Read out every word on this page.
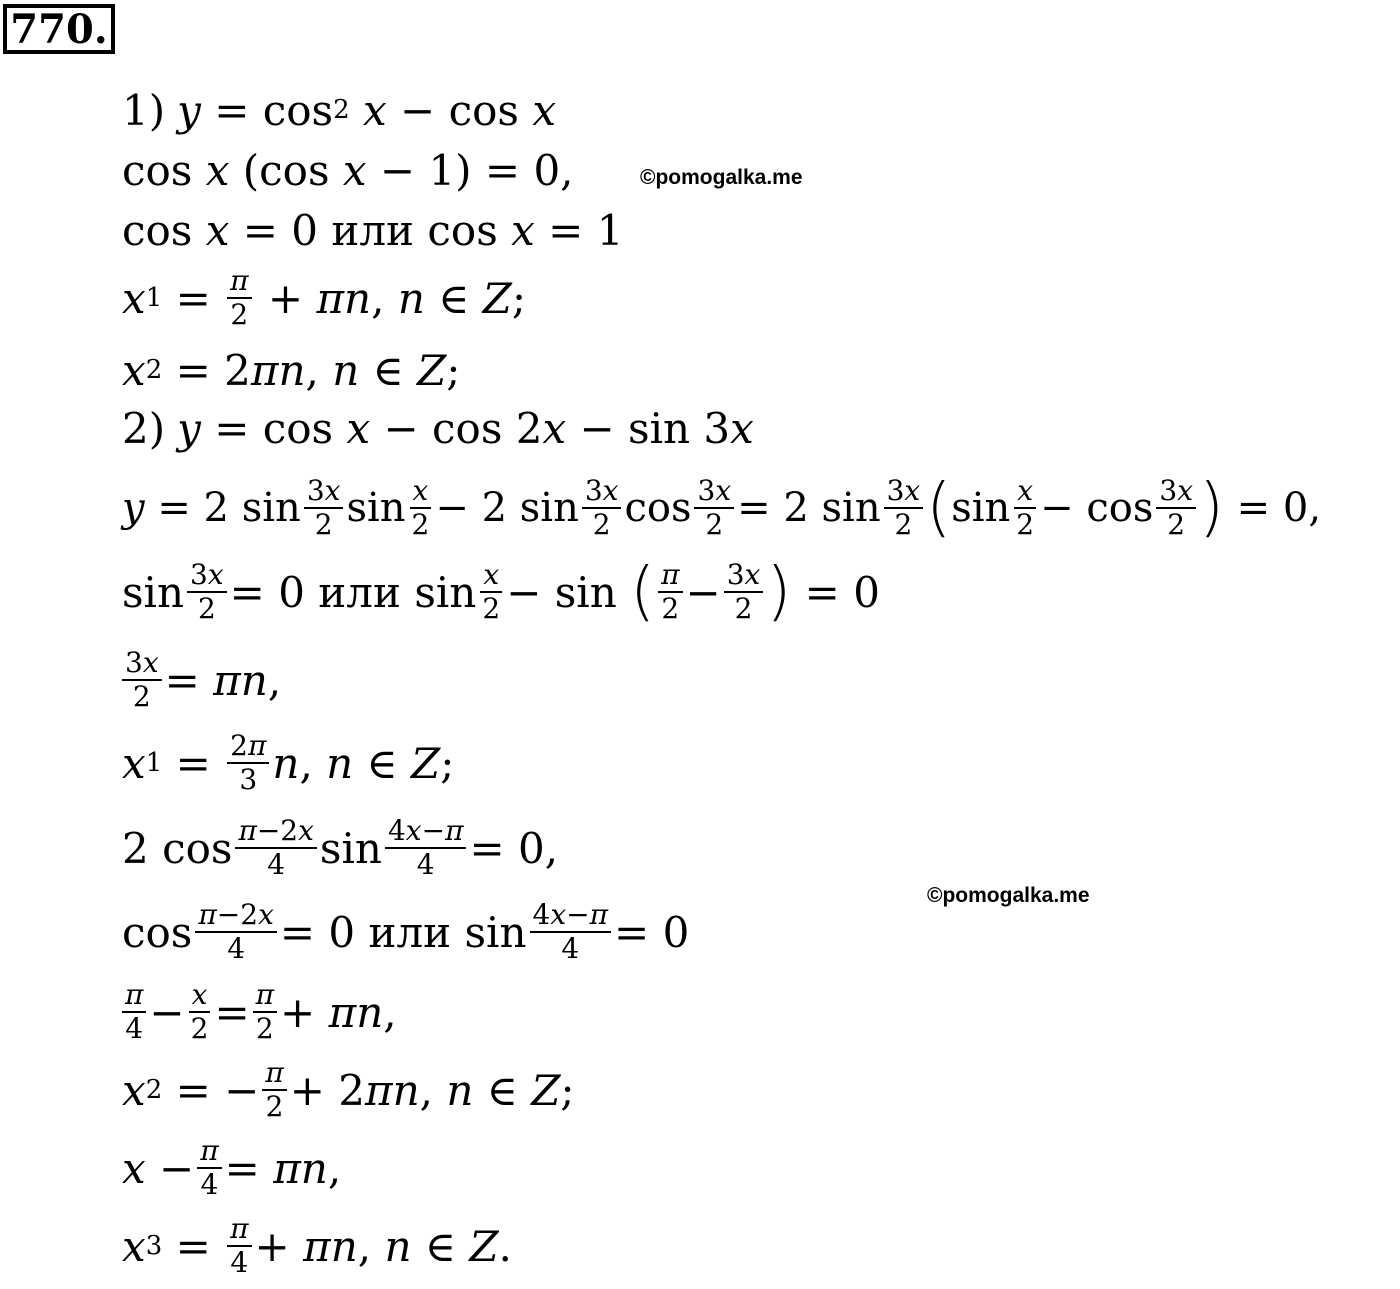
770.
©pomogalka.me
©pomogalka.me
1) y = cos 2
x − cos x
cos x (cos x − 1) = 0,
cos x = 0 или cos x = 1
x 1 = π
2 + πn , n ∈ Z ;
x 2 = 2 πn , n ∈ Z ;
2) y = cos x − cos 2 x − sin 3 x
y = 2 sin 3x
2 sin x
2 − 2 sin 3x
2 cos 3x
2 = 2 sin 3x
2 ( sin x
2 − cos 3x
2 ) = 0,
sin 3x
2 = 0 или sin x
2 − sin ( π
2 − 3x
2 ) = 0
3x
2 = πn ,
x 1 = 2π
3 n , n ∈ Z ;
2 cos π−2x
4 sin 4x−π
4 = 0,
cos π−2x
4 = 0 или sin 4x−π
4 = 0
π
4 − x
2 = π
2 + πn ,
x 2 = − π
2 + 2 πn , n ∈ Z ;
x − π
4 = πn ,
x 3 = π
4 + πn , n ∈ Z .
